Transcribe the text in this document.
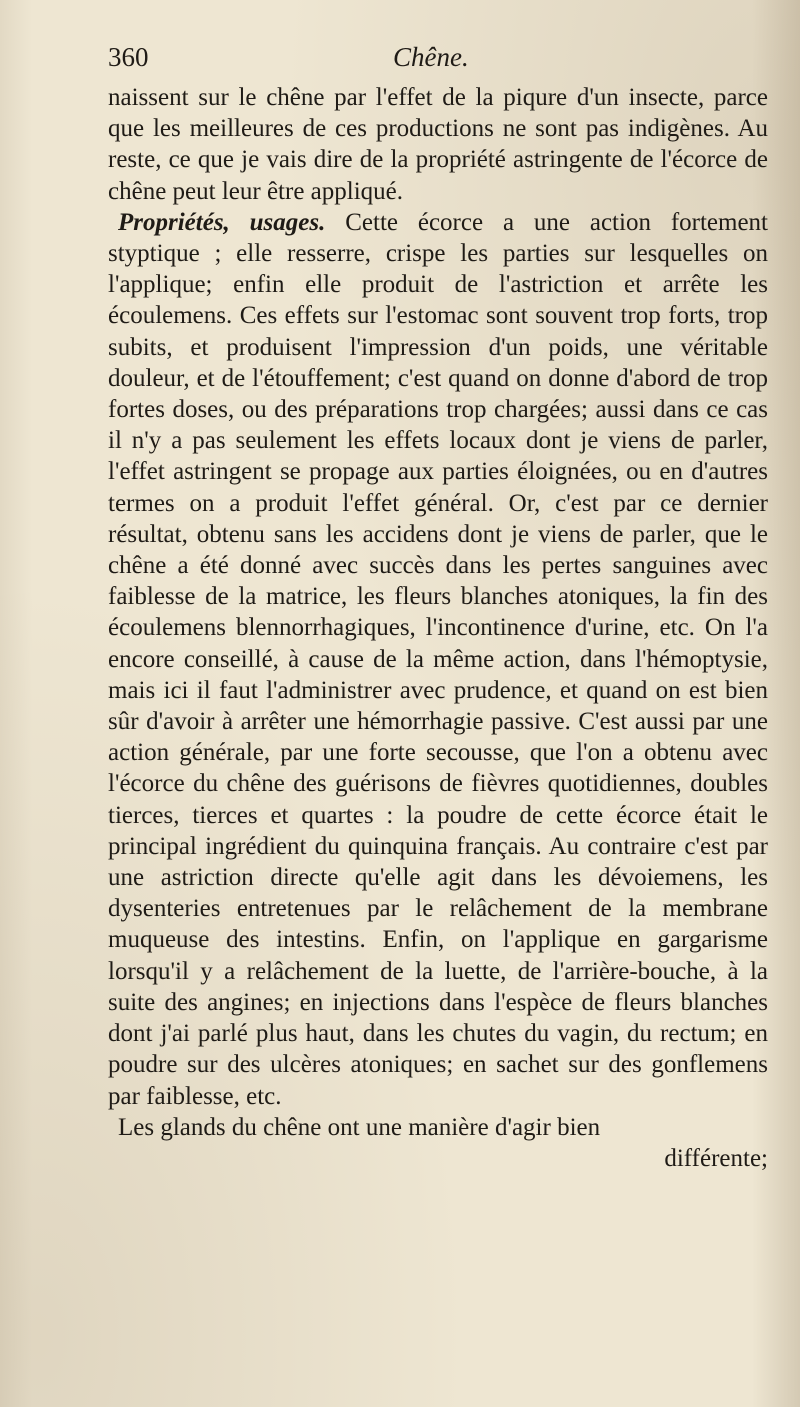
360	Chêne.

naissent sur le chêne par l'effet de la piqure d'un insecte, parce que les meilleures de ces productions ne sont pas indigènes. Au reste, ce que je vais dire de la propriété astringente de l'écorce de chêne peut leur être appliqué.

Propriétés, usages. Cette écorce a une action fortement styptique ; elle resserre, crispe les parties sur lesquelles on l'applique; enfin elle produit de l'astriction et arrête les écoulemens. Ces effets sur l'estomac sont souvent trop forts, trop subits, et produisent l'impression d'un poids, une véritable douleur, et de l'étouffement; c'est quand on donne d'abord de trop fortes doses, ou des préparations trop chargées; aussi dans ce cas il n'y a pas seulement les effets locaux dont je viens de parler, l'effet astringent se propage aux parties éloignées, ou en d'autres termes on a produit l'effet général. Or, c'est par ce dernier résultat, obtenu sans les accidens dont je viens de parler, que le chêne a été donné avec succès dans les pertes sanguines avec faiblesse de la matrice, les fleurs blanches atoniques, la fin des écoulemens blennorrhagiques, l'incontinence d'urine, etc. On l'a encore conseillé, à cause de la même action, dans l'hémoptysie, mais ici il faut l'administrer avec prudence, et quand on est bien sûr d'avoir à arrêter une hémorrhagie passive. C'est aussi par une action générale, par une forte secousse, que l'on a obtenu avec l'écorce du chêne des guérisons de fièvres quotidiennes, doubles tierces, tierces et quartes : la poudre de cette écorce était le principal ingrédient du quinquina français. Au contraire c'est par une astriction directe qu'elle agit dans les dévoiemens, les dysenteries entretenues par le relâchement de la membrane muqueuse des intestins. Enfin, on l'applique en gargarisme lorsqu'il y a relâchement de la luette, de l'arrière-bouche, à la suite des angines; en injections dans l'espèce de fleurs blanches dont j'ai parlé plus haut, dans les chutes du vagin, du rectum; en poudre sur des ulcères atoniques; en sachet sur des gonflemens par faiblesse, etc.

Les glands du chêne ont une manière d'agir bien

différente;
